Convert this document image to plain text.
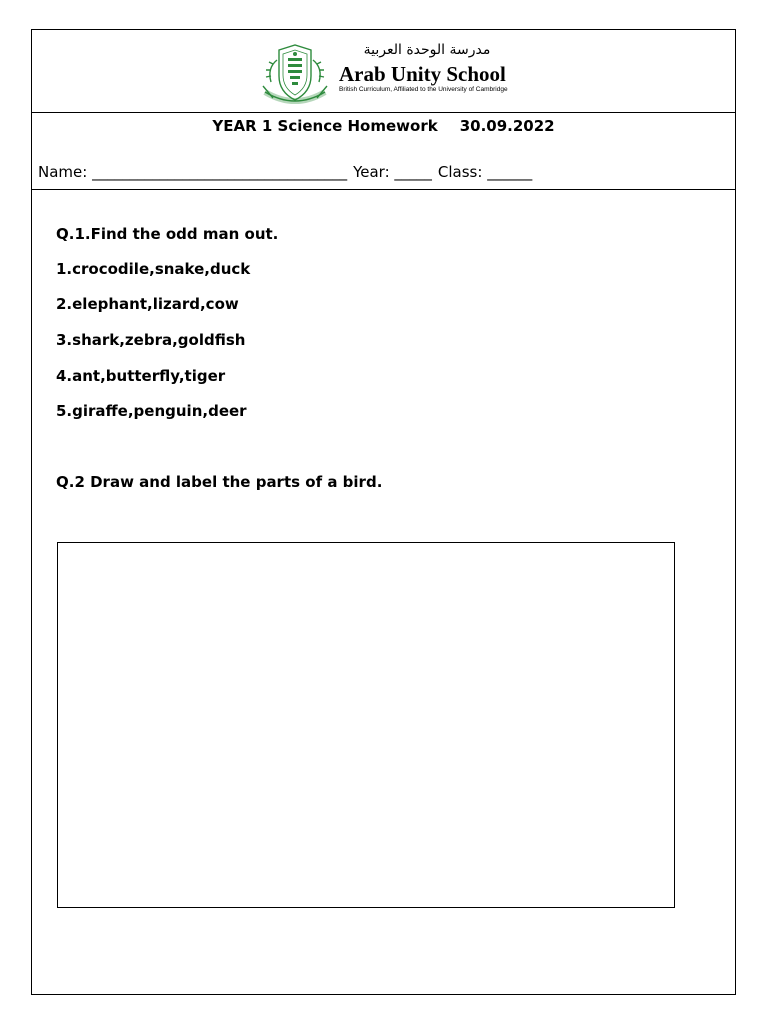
مدرسة الوحدة العربية
Arab Unity School
British Curriculum, Affiliated to the University of Cambridge
YEAR 1 Science Homework 30.09.2022
Name: __________________________________ Year: _____ Class: ______
Q.1.Find the odd man out.
1.crocodile,snake,duck
2.elephant,lizard,cow
3.shark,zebra,goldfish
4.ant,butterfly,tiger
5.giraffe,penguin,deer
Q.2 Draw and label the parts of a bird.
